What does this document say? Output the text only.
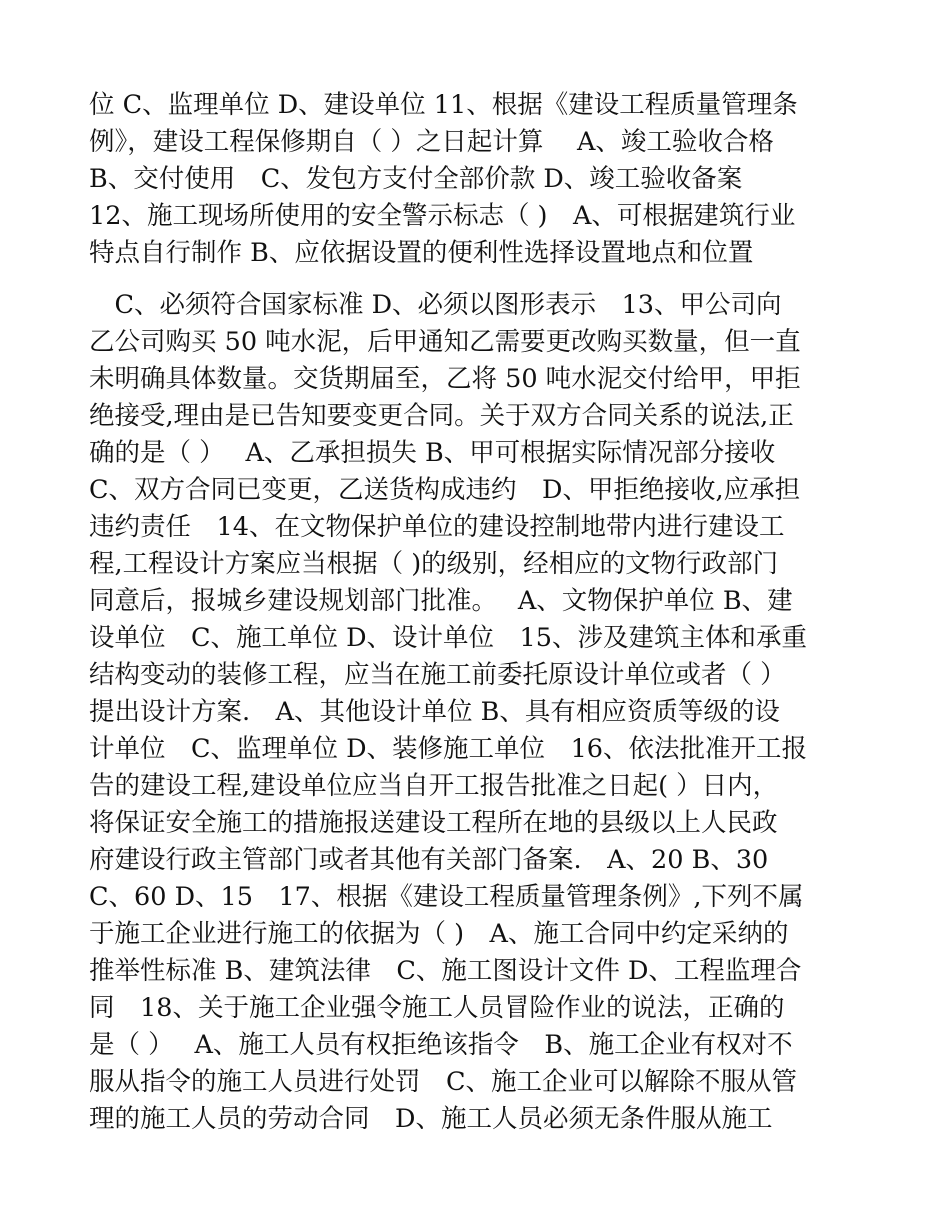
位 C、监理单位 D、建设单位 11、根据《建设工程质量管理条
例》，建设工程保修期自（ ）之日起计算　 A、竣工验收合格
B、交付使用　C、发包方支付全部价款 D、竣工验收备案
12、施工现场所使用的安全警示标志（ )　A、可根据建筑行业
特点自行制作 B、应依据设置的便利性选择设置地点和位置
　C、必须符合国家标准 D、必须以图形表示　13、甲公司向
乙公司购买 50 吨水泥，后甲通知乙需要更改购买数量，但一直
未明确具体数量。交货期届至，乙将 50 吨水泥交付给甲，甲拒
绝接受,理由是已告知要变更合同。关于双方合同关系的说法,正
确的是（ ）　 A、乙承担损失 B、甲可根据实际情况部分接收
C、双方合同已变更，乙送货构成违约　D、甲拒绝接收,应承担
违约责任　14、在文物保护单位的建设控制地带内进行建设工
程,工程设计方案应当根据（ )的级别，经相应的文物行政部门
同意后，报城乡建设规划部门批准。　 A、文物保护单位 B、建
设单位　C、施工单位 D、设计单位　15、涉及建筑主体和承重
结构变动的装修工程，应当在施工前委托原设计单位或者（ ）
提出设计方案.　A、其他设计单位 B、具有相应资质等级的设
计单位　C、监理单位 D、装修施工单位　16、依法批准开工报
告的建设工程,建设单位应当自开工报告批准之日起( ）日内，
将保证安全施工的措施报送建设工程所在地的县级以上人民政
府建设行政主管部门或者其他有关部门备案.　A、20 B、30
C、60 D、15　17、根据《建设工程质量管理条例》,下列不属
于施工企业进行施工的依据为（ )　A、施工合同中约定采纳的
推举性标准 B、建筑法律　C、施工图设计文件 D、工程监理合
同　18、关于施工企业强令施工人员冒险作业的说法，正确的
是（ ）　 A、施工人员有权拒绝该指令　B、施工企业有权对不
服从指令的施工人员进行处罚　C、施工企业可以解除不服从管
理的施工人员的劳动合同　D、施工人员必须无条件服从施工
